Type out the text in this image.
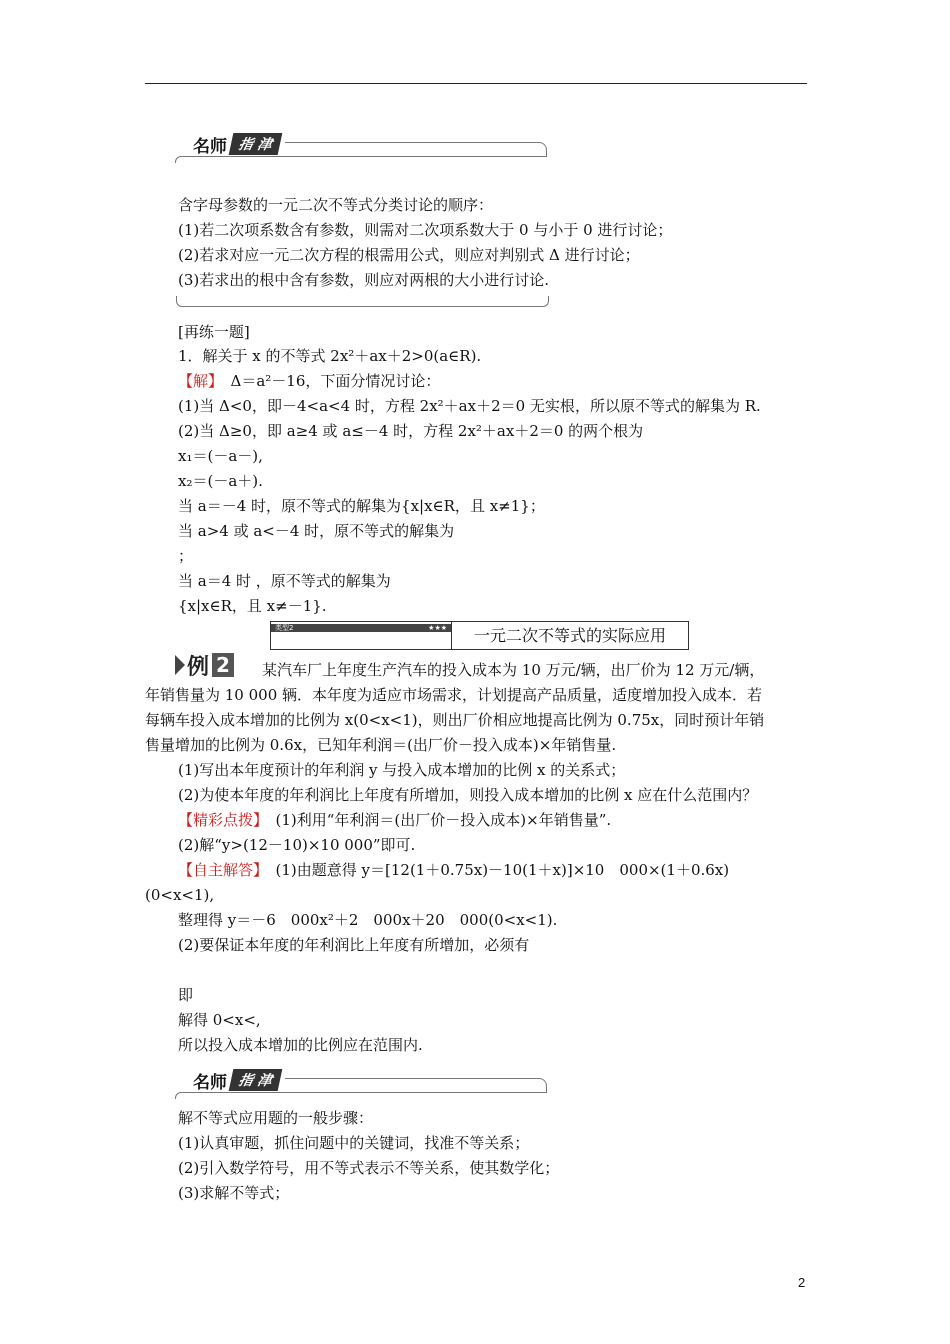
名师 指 津
含字母参数的一元二次不等式分类讨论的顺序：
(1)若二次项系数含有参数，则需对二次项系数大于 0 与小于 0 进行讨论；
(2)若求对应一元二次方程的根需用公式，则应对判别式 Δ 进行讨论；
(3)若求出的根中含有参数，则应对两根的大小进行讨论.
[再练一题]
1．解关于 x 的不等式 2x²＋ax＋2>0(a∈R).
【解】　Δ＝a²－16，下面分情况讨论：
(1)当 Δ<0，即－4<a<4 时，方程 2x²＋ax＋2＝0 无实根，所以原不等式的解集为 R.
(2)当 Δ≥0，即 a≥4 或 a≤－4 时，方程 2x²＋ax＋2＝0 的两个根为
x₁＝(－a－),
x₂＝(－a＋).
当 a＝－4 时，原不等式的解集为{x|x∈R，且 x≠1}；
当 a>4 或 a<－4 时，原不等式的解集为
；
当 a＝4 时 ，原不等式的解集为
{x|x∈R，且 x≠－1}.
类型2	★★★	一元二次不等式的实际应用
例 2 某汽车厂上年度生产汽车的投入成本为 10 万元/辆，出厂价为 12 万元/辆，
年销售量为 10 000 辆．本年度为适应市场需求，计划提高产品质量，适度增加投入成本．若
每辆车投入成本增加的比例为 x(0<x<1)，则出厂价相应地提高比例为 0.75x，同时预计年销
售量增加的比例为 0.6x，已知年利润＝(出厂价－投入成本)×年销售量.
(1)写出本年度预计的年利润 y 与投入成本增加的比例 x 的关系式；
(2)为使本年度的年利润比上年度有所增加，则投入成本增加的比例 x 应在什么范围内？
【精彩点拨】　(1)利用“年利润＝(出厂价－投入成本)×年销售量”.
(2)解“y>(12－10)×10 000”即可.
【自主解答】　(1)由题意得 y＝[12(1＋0.75x)－10(1＋x)]×10　000×(1＋0.6x)
(0<x<1),
整理得 y＝－6　000x²＋2　000x＋20　000(0<x<1).
(2)要保证本年度的年利润比上年度有所增加，必须有
即
解得 0<x<,
所以投入成本增加的比例应在范围内.
名师 指 津
解不等式应用题的一般步骤：
(1)认真审题，抓住问题中的关键词，找准不等关系；
(2)引入数学符号，用不等式表示不等关系，使其数学化；
(3)求解不等式；
2
